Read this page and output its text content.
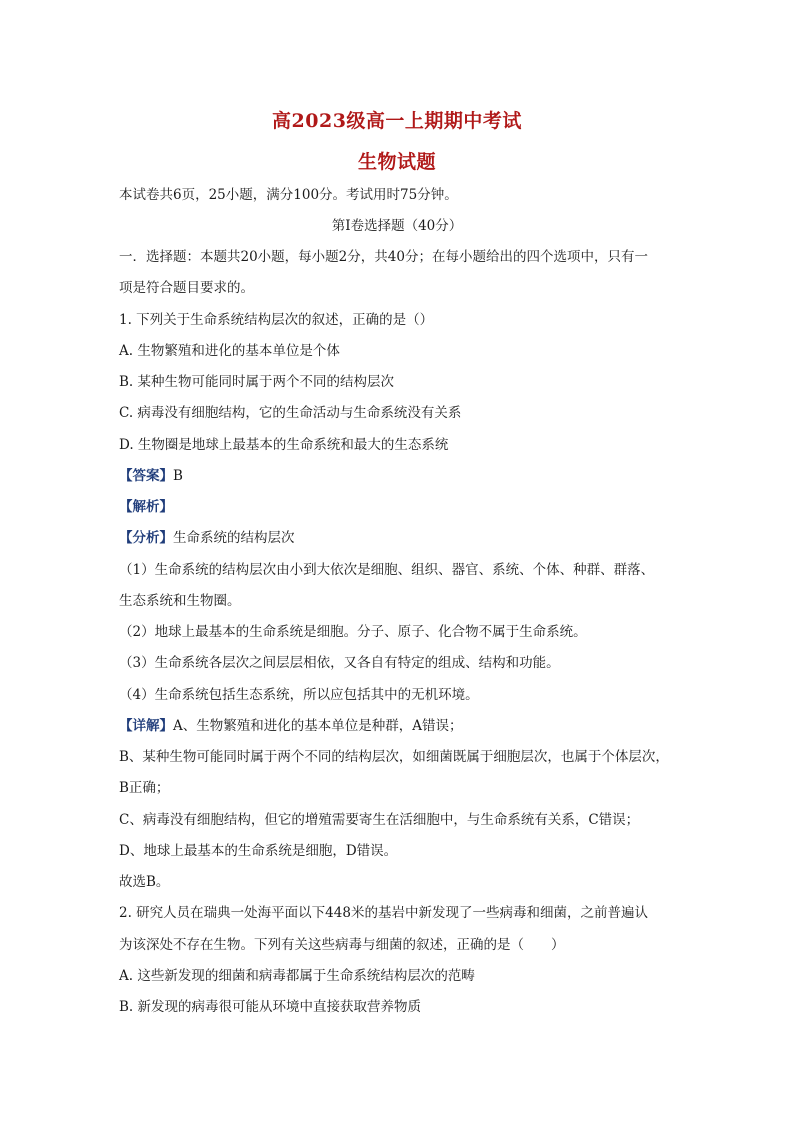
高2023级高一上期期中考试
生物试题
本试卷共6页，25小题，满分100分。考试用时75分钟。
第Ⅰ卷选择题（40分）
一．选择题：本题共20小题，每小题2分，共40分；在每小题给出的四个选项中，只有一
项是符合题目要求的。
1. 下列关于生命系统结构层次的叙述，正确的是（）
A. 生物繁殖和进化的基本单位是个体
B. 某种生物可能同时属于两个不同的结构层次
C. 病毒没有细胞结构，它的生命活动与生命系统没有关系
D. 生物圈是地球上最基本的生命系统和最大的生态系统
【答案】B
【解析】
【分析】生命系统的结构层次
（1）生命系统的结构层次由小到大依次是细胞、组织、器官、系统、个体、种群、群落、
生态系统和生物圈。
（2）地球上最基本的生命系统是细胞。分子、原子、化合物不属于生命系统。
（3）生命系统各层次之间层层相依，又各自有特定的组成、结构和功能。
（4）生命系统包括生态系统，所以应包括其中的无机环境。
【详解】A、生物繁殖和进化的基本单位是种群，A错误；
B、某种生物可能同时属于两个不同的结构层次，如细菌既属于细胞层次，也属于个体层次，
B正确；
C、病毒没有细胞结构，但它的增殖需要寄生在活细胞中，与生命系统有关系，C错误；
D、地球上最基本的生命系统是细胞，D错误。
故选B。
2. 研究人员在瑞典一处海平面以下448米的基岩中新发现了一些病毒和细菌，之前普遍认
为该深处不存在生物。下列有关这些病毒与细菌的叙述，正确的是（　　）
A. 这些新发现的细菌和病毒都属于生命系统结构层次的范畴
B. 新发现的病毒很可能从环境中直接获取营养物质
